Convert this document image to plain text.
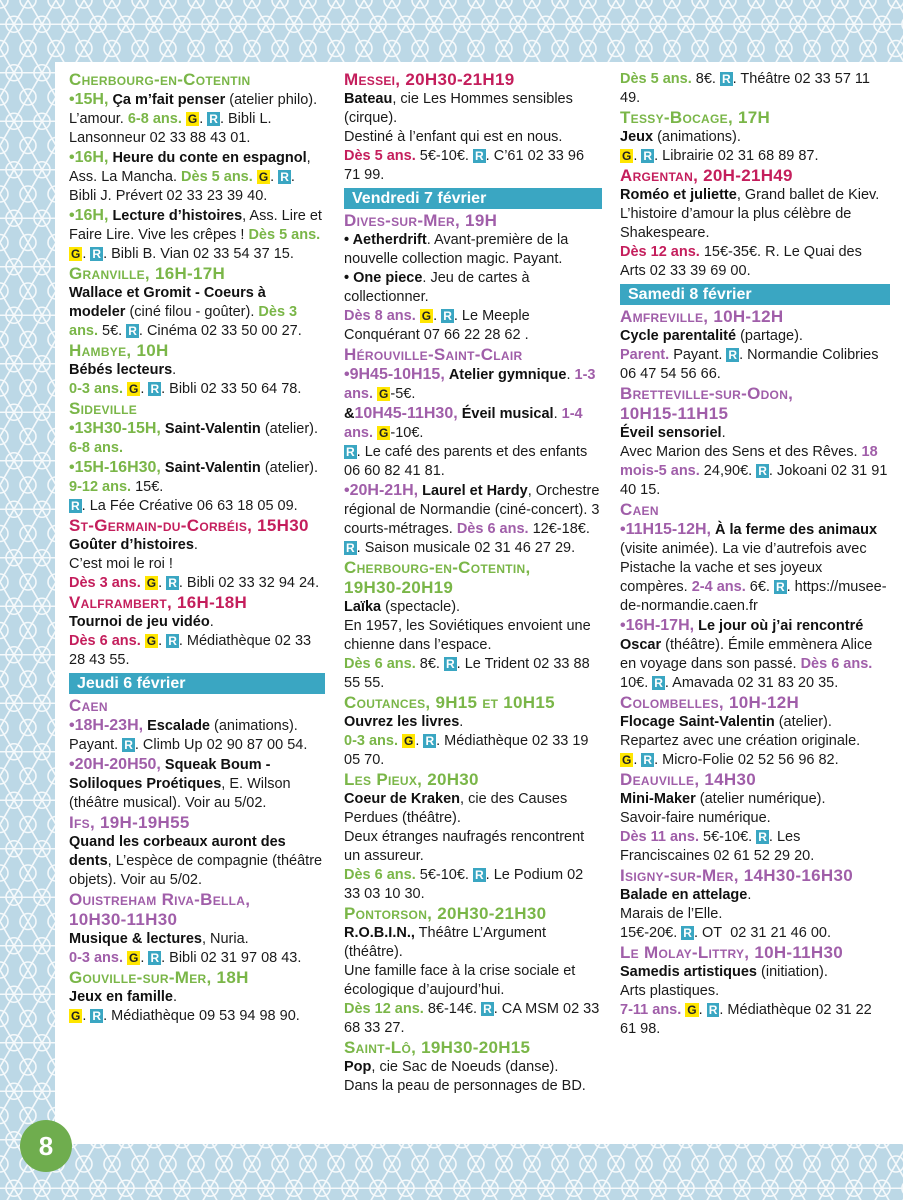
Cherbourg-en-Cotentin
•15H, Ça m’fait penser (atelier philo). L’amour. 6-8 ans. G . R . Bibli L. Lansonneur 02 33 88 43 01.
•16H, Heure du conte en espagnol, Ass. La Mancha. Dès 5 ans. G . R . Bibli J. Prévert 02 33 23 39 40.
•16H, Lecture d’histoires, Ass. Lire et Faire Lire. Vive les crêpes ! Dès 5 ans. G . R . Bibli B. Vian 02 33 54 37 15.
Granville, 16H-17H
Wallace et Gromit - Coeurs à modeler (ciné filou - goûter). Dès 3 ans. 5€. R . Cinéma 02 33 50 00 27.
Hambye, 10H
Bébés lecteurs.
0-3 ans. G . R . Bibli 02 33 50 64 78.
Sideville
•13H30-15H, Saint-Valentin (atelier). 6-8 ans.
•15H-16H30, Saint-Valentin (atelier). 9-12 ans. 15€.
R . La Fée Créative 06 63 18 05 09.
St-Germain-du-Corbéis, 15H30
Goûter d’histoires.
C’est moi le roi !
Dès 3 ans. G . R . Bibli 02 33 32 94 24.
Valframbert, 16H-18H
Tournoi de jeu vidéo.
Dès 6 ans. G . R . Médiathèque 02 33 28 43 55.
Jeudi 6 février
Caen
•18H-23H, Escalade (animations). Payant. R . Climb Up 02 90 87 00 54.
•20H-20H50, Squeak Boum - Soliloques Proétiques, E. Wilson (théâtre musical). Voir au 5/02.
Ifs, 19H-19H55
Quand les corbeaux auront des dents, L’espèce de compagnie (théâtre objets). Voir au 5/02.
Ouistreham Riva-Bella,
10H30-11H30
Musique & lectures, Nuria.
0-3 ans. G . R . Bibli 02 31 97 08 43.
Gouville-sur-Mer, 18H
Jeux en famille.
G . R . Médiathèque 09 53 94 98 90.
Messei, 20H30-21H19
Bateau, cie Les Hommes sensibles (cirque).
Destiné à l’enfant qui est en nous.
Dès 5 ans. 5€-10€. R . C’61 02 33 96 71 99.
Vendredi 7 février
Dives-sur-Mer, 19H
• Aetherdrift. Avant-première de la nouvelle collection magic. Payant.
• One piece. Jeu de cartes à collectionner.
Dès 8 ans. G . R . Le Meeple Conquérant 07 66 22 28 62 .
Hérouville-Saint-Clair
•9H45-10H15, Atelier gymnique. 1-3 ans. G -5€.
&10H45-11H30, Éveil musical. 1-4 ans. G -10€.
R . Le café des parents et des enfants 06 60 82 41 81.
•20H-21H, Laurel et Hardy, Orchestre régional de Normandie (ciné-concert). 3 courts-métrages. Dès 6 ans. 12€-18€. R . Saison musicale 02 31 46 27 29.
Cherbourg-en-Cotentin,
19H30-20H19
Laïka (spectacle).
En 1957, les Soviétiques envoient une chienne dans l’espace.
Dès 6 ans. 8€. R . Le Trident 02 33 88 55 55.
Coutances, 9H15 et 10H15
Ouvrez les livres.
0-3 ans. G . R . Médiathèque 02 33 19 05 70.
Les Pieux, 20H30
Coeur de Kraken, cie des Causes Perdues (théâtre).
Deux étranges naufragés rencontrent un assureur.
Dès 6 ans. 5€-10€. R . Le Podium 02 33 03 10 30.
Pontorson, 20H30-21H30
R.O.B.I.N., Théâtre L’Argument (théâtre).
Une famille face à la crise sociale et écologique d’aujourd’hui.
Dès 12 ans. 8€-14€. R . CA MSM 02 33 68 33 27.
Saint-Lô, 19H30-20H15
Pop, cie Sac de Noeuds (danse).
Dans la peau de personnages de BD.
Dès 5 ans. 8€. R . Théâtre 02 33 57 11 49.
Tessy-Bocage, 17H
Jeux (animations).
G . R . Librairie 02 31 68 89 87.
Argentan, 20H-21H49
Roméo et juliette, Grand ballet de Kiev.
L’histoire d’amour la plus célèbre de Shakespeare.
Dès 12 ans. 15€-35€. R. Le Quai des Arts 02 33 39 69 00.
Samedi 8 février
Amfreville, 10H-12H
Cycle parentalité (partage).
Parent. Payant. R . Normandie Colibries 06 47 54 56 66.
Bretteville-sur-Odon,
10H15-11H15
Éveil sensoriel.
Avec Marion des Sens et des Rêves. 18 mois-5 ans. 24,90€. R . Jokoani 02 31 91 40 15.
Caen
•11H15-12H, À la ferme des animaux (visite animée). La vie d’autrefois avec Pistache la vache et ses joyeux compères. 2-4 ans. 6€. R . https://musee-de-normandie.caen.fr
•16H-17H, Le jour où j’ai rencontré Oscar (théâtre). Émile emmènera Alice en voyage dans son passé. Dès 6 ans. 10€. R . Amavada 02 31 83 20 35.
Colombelles, 10H-12H
Flocage Saint-Valentin (atelier).
Repartez avec une création originale.
G . R . Micro-Folie 02 52 56 96 82.
Deauville, 14H30
Mini-Maker (atelier numérique).
Savoir-faire numérique.
Dès 11 ans. 5€-10€. R . Les Franciscaines 02 61 52 29 20.
Isigny-sur-Mer, 14H30-16H30
Balade en attelage.
Marais de l’Elle.
15€-20€. R . OT  02 31 21 46 00.
Le Molay-Littry, 10H-11H30
Samedis artistiques (initiation).
Arts plastiques.
7-11 ans. G . R . Médiathèque 02 31 22 61 98.
8
